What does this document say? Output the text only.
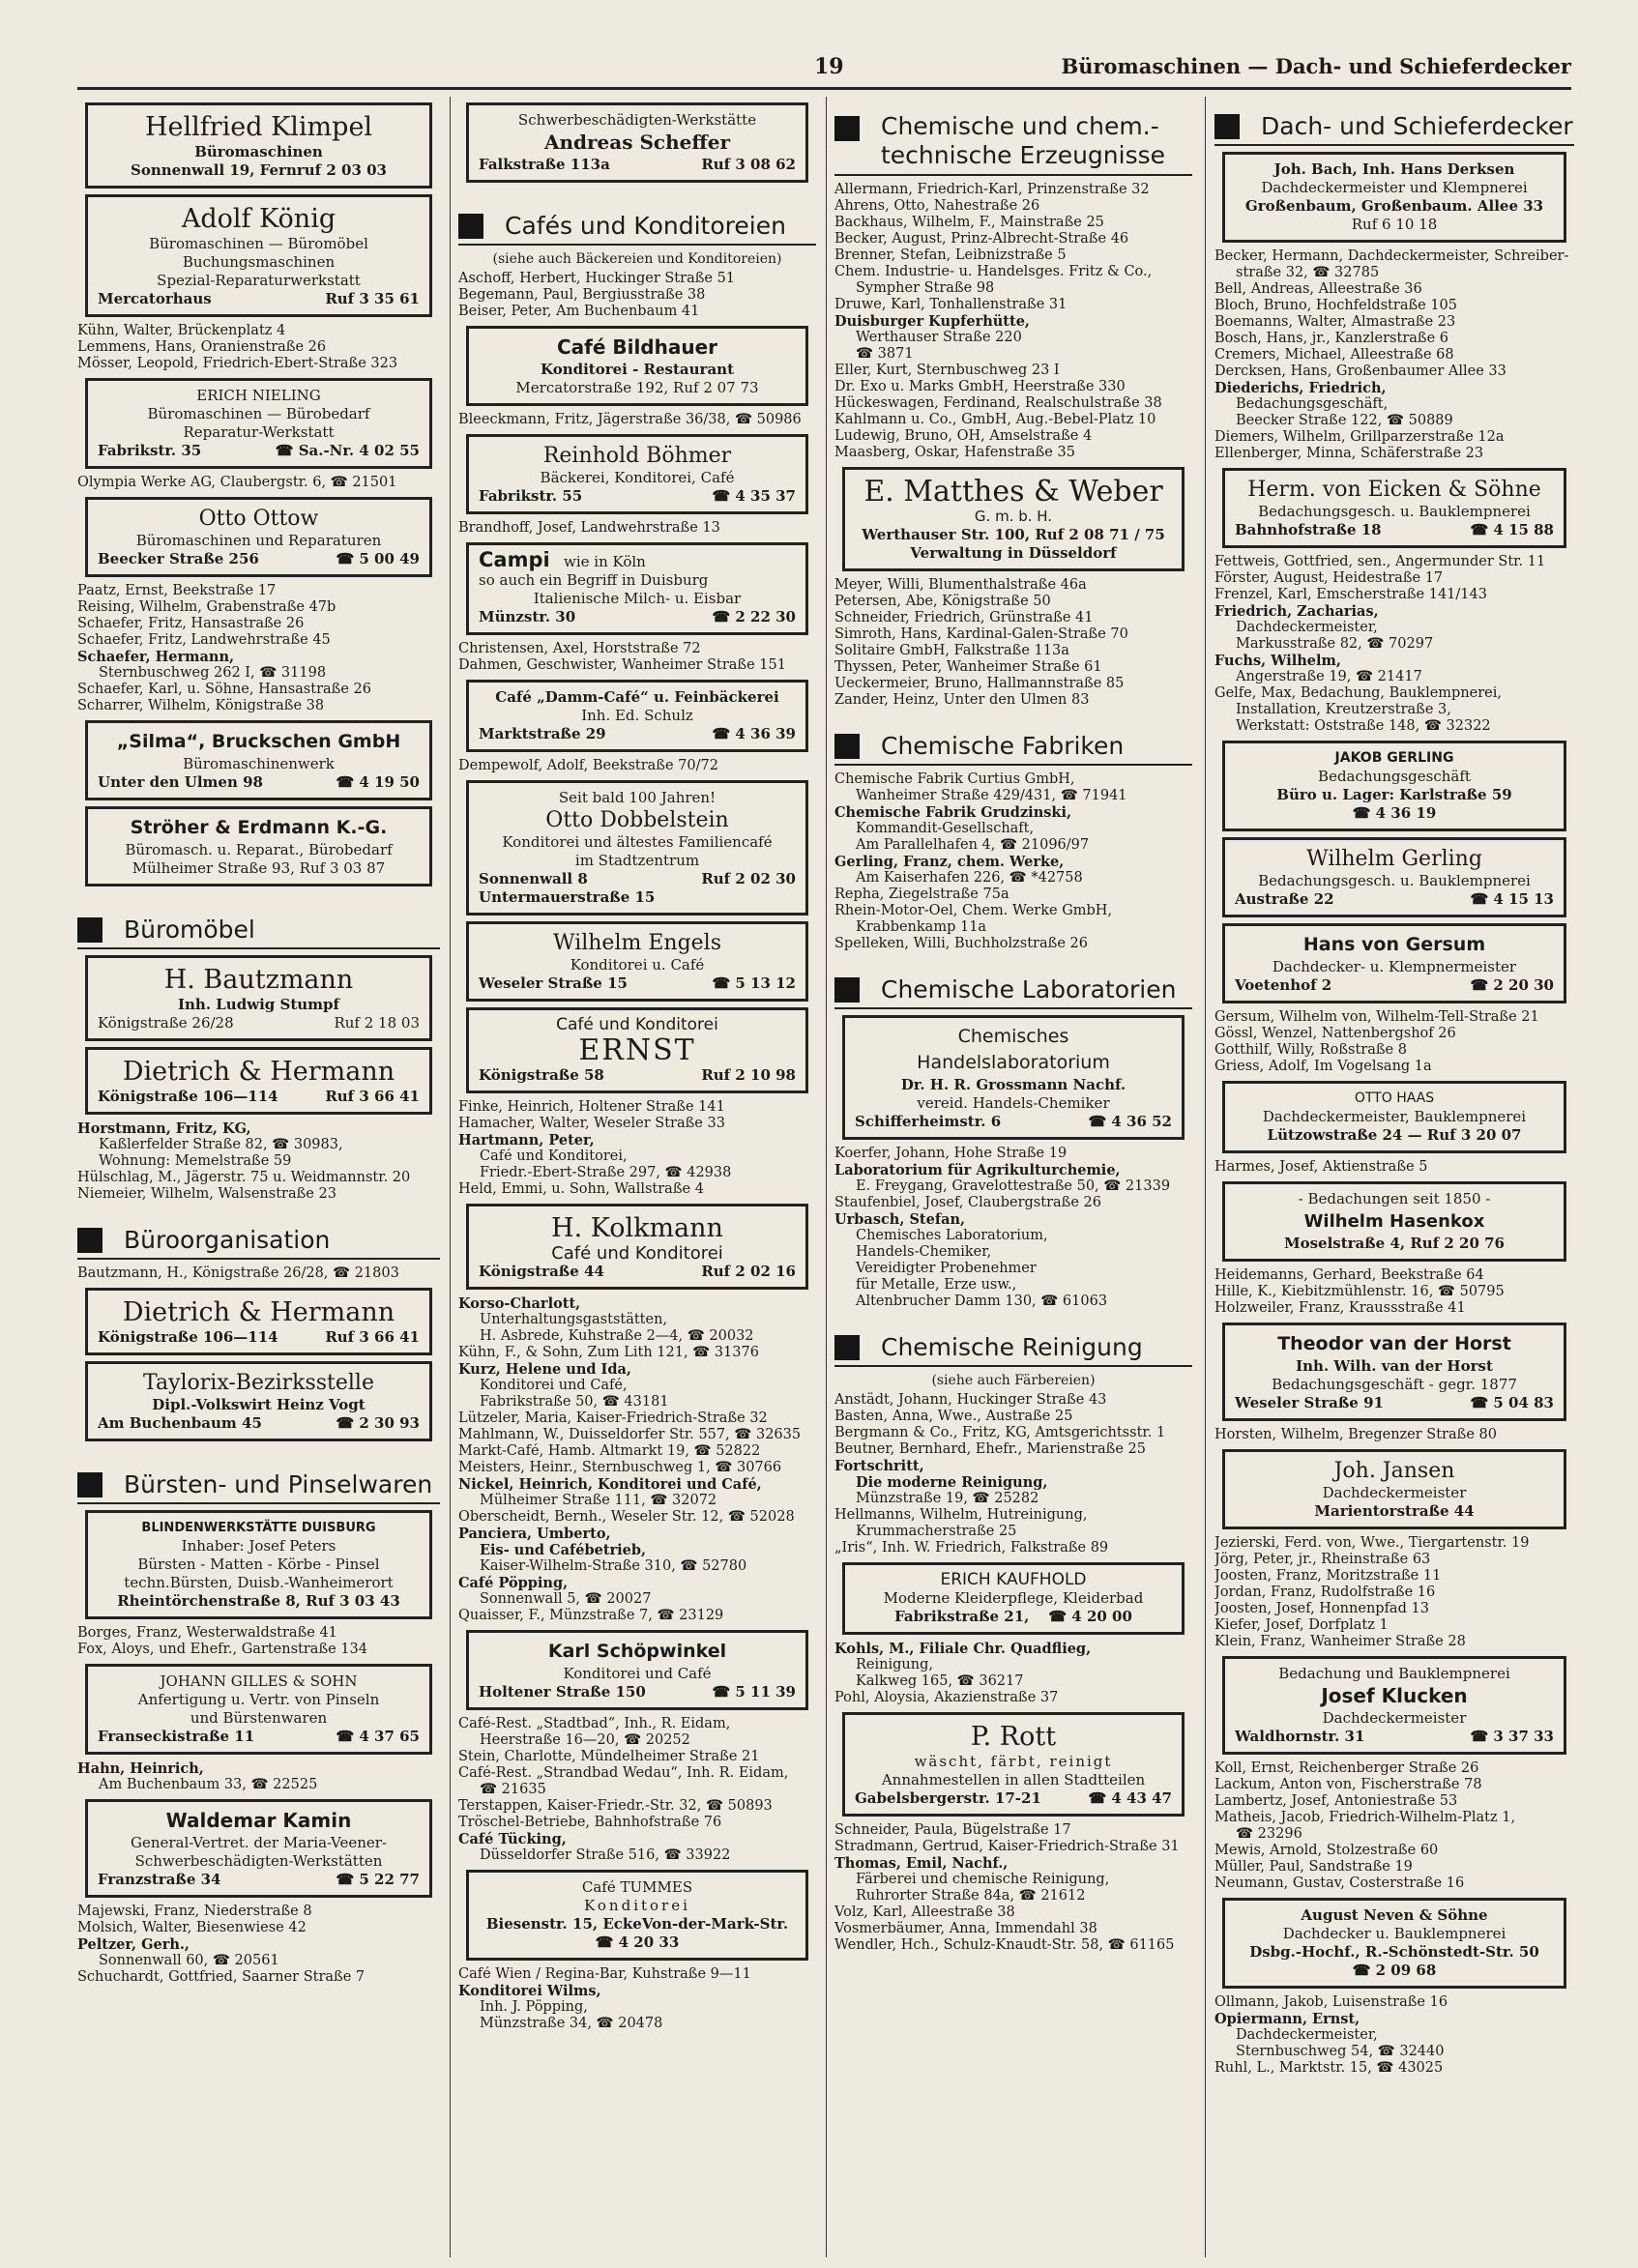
19	Büromaschinen — Dach- und Schieferdecker
Hellfried Klimpel
Büromaschinen
Sonnenwall 19, Fernruf 2 03 03
Adolf König
Büromaschinen — Büromöbel
Buchungsmaschinen
Spezial-Reparaturwerkstatt
Mercatorhaus	Ruf 3 35 61
Kühn, Walter, Brückenplatz 4
Lemmens, Hans, Oranienstraße 26
Mösser, Leopold, Friedrich-Ebert-Straße 323
ERICH NIELING
Büromaschinen — Bürobedarf
Reparatur-Werkstatt
Fabrikstr. 35	☎ Sa.-Nr. 4 02 55
Olympia Werke AG, Claubergstr. 6, ☎ 21501
Otto Ottow
Büromaschinen und Reparaturen
Beecker Straße 256	☎ 5 00 49
Paatz, Ernst, Beekstraße 17
Reising, Wilhelm, Grabenstraße 47b
Schaefer, Fritz, Hansastraße 26
Schaefer, Fritz, Landwehrstraße 45
Schaefer, Hermann,
Sternbuschweg 262 I, ☎ 31198
Schaefer, Karl, u. Söhne, Hansastraße 26
Scharrer, Wilhelm, Königstraße 38
„Silma“, Bruckschen GmbH
Büromaschinenwerk
Unter den Ulmen 98	☎ 4 19 50
Ströher & Erdmann K.-G.
Büromasch. u. Reparat., Bürobedarf
Mülheimer Straße 93, Ruf 3 03 87
Büromöbel
H. Bautzmann
Inh. Ludwig Stumpf
Königstraße 26/28	Ruf 2 18 03
Dietrich & Hermann
Königstraße 106—114	Ruf 3 66 41
Horstmann, Fritz, KG,
Kaßlerfelder Straße 82, ☎ 30983,
Wohnung: Memelstraße 59
Hülschlag, M., Jägerstr. 75 u. Weidmannstr. 20
Niemeier, Wilhelm, Walsenstraße 23
Büroorganisation
Bautzmann, H., Königstraße 26/28, ☎ 21803
Dietrich & Hermann
Königstraße 106—114	Ruf 3 66 41
Taylorix-Bezirksstelle
Dipl.-Volkswirt Heinz Vogt
Am Buchenbaum 45	☎ 2 30 93
Bürsten- und Pinselwaren
BLINDENWERKSTÄTTE DUISBURG
Inhaber: Josef Peters
Bürsten - Matten - Körbe - Pinsel
techn.Bürsten, Duisb.-Wanheimerort
Rheintörchenstraße 8, Ruf 3 03 43
Borges, Franz, Westerwaldstraße 41
Fox, Aloys, und Ehefr., Gartenstraße 134
JOHANN GILLES & SOHN
Anfertigung u. Vertr. von Pinseln
und Bürstenwaren
Franseckistraße 11	☎ 4 37 65
Hahn, Heinrich,
Am Buchenbaum 33, ☎ 22525
Waldemar Kamin
General-Vertret. der Maria-Veener-
Schwerbeschädigten-Werkstätten
Franzstraße 34	☎ 5 22 77
Majewski, Franz, Niederstraße 8
Molsich, Walter, Biesenwiese 42
Peltzer, Gerh.,
Sonnenwall 60, ☎ 20561
Schuchardt, Gottfried, Saarner Straße 7
Schwerbeschädigten-Werkstätte
Andreas Scheffer
Falkstraße 113a	Ruf 3 08 62
Cafés und Konditoreien
(siehe auch Bäckereien und Konditoreien)
Aschoff, Herbert, Huckinger Straße 51
Begemann, Paul, Bergiusstraße 38
Beiser, Peter, Am Buchenbaum 41
Café Bildhauer
Konditorei - Restaurant
Mercatorstraße 192, Ruf 2 07 73
Bleeckmann, Fritz, Jägerstraße 36/38, ☎ 50986
Reinhold Böhmer
Bäckerei, Konditorei, Café
Fabrikstr. 55	☎ 4 35 37
Brandhoff, Josef, Landwehrstraße 13
Campi wie in Köln
so auch ein Begriff in Duisburg
Italienische Milch- u. Eisbar
Münzstr. 30	☎ 2 22 30
Christensen, Axel, Horststraße 72
Dahmen, Geschwister, Wanheimer Straße 151
Café „Damm-Café“ u. Feinbäckerei
Inh. Ed. Schulz
Marktstraße 29	☎ 4 36 39
Dempewolf, Adolf, Beekstraße 70/72
Seit bald 100 Jahren!
Otto Dobbelstein
Konditorei und ältestes Familiencafé
im Stadtzentrum
Sonnenwall 8	Ruf 2 02 30
Untermauerstraße 15
Wilhelm Engels
Konditorei u. Café
Weseler Straße 15	☎ 5 13 12
Café und Konditorei
ERNST
Königstraße 58	Ruf 2 10 98
Finke, Heinrich, Holtener Straße 141
Hamacher, Walter, Weseler Straße 33
Hartmann, Peter,
Café und Konditorei,
Friedr.-Ebert-Straße 297, ☎ 42938
Held, Emmi, u. Sohn, Wallstraße 4
H. Kolkmann
Café und Konditorei
Königstraße 44	Ruf 2 02 16
Korso-Charlott,
Unterhaltungsgaststätten,
H. Asbrede, Kuhstraße 2—4, ☎ 20032
Kühn, F., & Sohn, Zum Lith 121, ☎ 31376
Kurz, Helene und Ida,
Konditorei und Café,
Fabrikstraße 50, ☎ 43181
Lützeler, Maria, Kaiser-Friedrich-Straße 32
Mahlmann, W., Duisseldorfer Str. 557, ☎ 32635
Markt-Café, Hamb. Altmarkt 19, ☎ 52822
Meisters, Heinr., Sternbuschweg 1, ☎ 30766
Nickel, Heinrich, Konditorei und Café,
Mülheimer Straße 111, ☎ 32072
Oberscheidt, Bernh., Weseler Str. 12, ☎ 52028
Panciera, Umberto,
Eis- und Cafébetrieb,
Kaiser-Wilhelm-Straße 310, ☎ 52780
Café Pöpping,
Sonnenwall 5, ☎ 20027
Quaisser, F., Münzstraße 7, ☎ 23129
Karl Schöpwinkel
Konditorei und Café
Holtener Straße 150	☎ 5 11 39
Café-Rest. „Stadtbad“, Inh., R. Eidam,
Heerstraße 16—20, ☎ 20252
Stein, Charlotte, Mündelheimer Straße 21
Café-Rest. „Strandbad Wedau“, Inh. R. Eidam,
☎ 21635
Terstappen, Kaiser-Friedr.-Str. 32, ☎ 50893
Tröschel-Betriebe, Bahnhofstraße 76
Café Tücking,
Düsseldorfer Straße 516, ☎ 33922
Café TUMMES
Konditorei
Biesenstr. 15, EckeVon-der-Mark-Str.
☎ 4 20 33
Café Wien / Regina-Bar, Kuhstraße 9—11
Konditorei Wilms,
Inh. J. Pöpping,
Münzstraße 34, ☎ 20478
Chemische und chem.-
technische Erzeugnisse
Allermann, Friedrich-Karl, Prinzenstraße 32
Ahrens, Otto, Nahestraße 26
Backhaus, Wilhelm, F., Mainstraße 25
Becker, August, Prinz-Albrecht-Straße 46
Brenner, Stefan, Leibnizstraße 5
Chem. Industrie- u. Handelsges. Fritz & Co.,
Sympher Straße 98
Druwe, Karl, Tonhallenstraße 31
Duisburger Kupferhütte,
Werthauser Straße 220
☎ 3871
Eller, Kurt, Sternbuschweg 23 I
Dr. Exo u. Marks GmbH, Heerstraße 330
Hückeswagen, Ferdinand, Realschulstraße 38
Kahlmann u. Co., GmbH, Aug.-Bebel-Platz 10
Ludewig, Bruno, OH, Amselstraße 4
Maasberg, Oskar, Hafenstraße 35
E. Matthes & Weber
G. m. b. H.
Werthauser Str. 100, Ruf 2 08 71 / 75
Verwaltung in Düsseldorf
Meyer, Willi, Blumenthalstraße 46a
Petersen, Abe, Königstraße 50
Schneider, Friedrich, Grünstraße 41
Simroth, Hans, Kardinal-Galen-Straße 70
Solitaire GmbH, Falkstraße 113a
Thyssen, Peter, Wanheimer Straße 61
Ueckermeier, Bruno, Hallmannstraße 85
Zander, Heinz, Unter den Ulmen 83
Chemische Fabriken
Chemische Fabrik Curtius GmbH,
Wanheimer Straße 429/431, ☎ 71941
Chemische Fabrik Grudzinski,
Kommandit-Gesellschaft,
Am Parallelhafen 4, ☎ 21096/97
Gerling, Franz, chem. Werke,
Am Kaiserhafen 226, ☎ *42758
Repha, Ziegelstraße 75a
Rhein-Motor-Oel, Chem. Werke GmbH,
Krabbenkamp 11a
Spelleken, Willi, Buchholzstraße 26
Chemische Laboratorien
Chemisches
Handelslaboratorium
Dr. H. R. Grossmann Nachf.
vereid. Handels-Chemiker
Schifferheimstr. 6	☎ 4 36 52
Koerfer, Johann, Hohe Straße 19
Laboratorium für Agrikulturchemie,
E. Freygang, Gravelottestraße 50, ☎ 21339
Staufenbiel, Josef, Claubergstraße 26
Urbasch, Stefan,
Chemisches Laboratorium,
Handels-Chemiker,
Vereidigter Probenehmer
für Metalle, Erze usw.,
Altenbrucher Damm 130, ☎ 61063
Chemische Reinigung
(siehe auch Färbereien)
Anstädt, Johann, Huckinger Straße 43
Basten, Anna, Wwe., Austraße 25
Bergmann & Co., Fritz, KG, Amtsgerichtsstr. 1
Beutner, Bernhard, Ehefr., Marienstraße 25
Fortschritt,
Die moderne Reinigung,
Münzstraße 19, ☎ 25282
Hellmanns, Wilhelm, Hutreinigung,
Krummacherstraße 25
„Iris“, Inh. W. Friedrich, Falkstraße 89
ERICH KAUFHOLD
Moderne Kleiderpflege, Kleiderbad
Fabrikstraße 21, ☎ 4 20 00
Kohls, M., Filiale Chr. Quadflieg,
Reinigung,
Kalkweg 165, ☎ 36217
Pohl, Aloysia, Akazienstraße 37
P. Rott
wäscht, färbt, reinigt
Annahmestellen in allen Stadtteilen
Gabelsbergerstr. 17-21	☎ 4 43 47
Schneider, Paula, Bügelstraße 17
Stradmann, Gertrud, Kaiser-Friedrich-Straße 31
Thomas, Emil, Nachf.,
Färberei und chemische Reinigung,
Ruhrorter Straße 84a, ☎ 21612
Volz, Karl, Alleestraße 38
Vosmerbäumer, Anna, Immendahl 38
Wendler, Hch., Schulz-Knaudt-Str. 58, ☎ 61165
Dach- und Schieferdecker
Joh. Bach, Inh. Hans Derksen
Dachdeckermeister und Klempnerei
Großenbaum, Großenbaum. Allee 33
Ruf 6 10 18
Becker, Hermann, Dachdeckermeister, Schreiber-
straße 32, ☎ 32785
Bell, Andreas, Alleestraße 36
Bloch, Bruno, Hochfeldstraße 105
Boemanns, Walter, Almastraße 23
Bosch, Hans, jr., Kanzlerstraße 6
Cremers, Michael, Alleestraße 68
Dercksen, Hans, Großenbaumer Allee 33
Diederichs, Friedrich,
Bedachungsgeschäft,
Beecker Straße 122, ☎ 50889
Diemers, Wilhelm, Grillparzerstraße 12a
Ellenberger, Minna, Schäferstraße 23
Herm. von Eicken & Söhne
Bedachungsgesch. u. Bauklempnerei
Bahnhofstraße 18	☎ 4 15 88
Fettweis, Gottfried, sen., Angermunder Str. 11
Förster, August, Heidestraße 17
Frenzel, Karl, Emscherstraße 141/143
Friedrich, Zacharias,
Dachdeckermeister,
Markusstraße 82, ☎ 70297
Fuchs, Wilhelm,
Angerstraße 19, ☎ 21417
Gelfe, Max, Bedachung, Bauklempnerei,
Installation, Kreutzerstraße 3,
Werkstatt: Oststraße 148, ☎ 32322
JAKOB GERLING
Bedachungsgeschäft
Büro u. Lager: Karlstraße 59
☎ 4 36 19
Wilhelm Gerling
Bedachungsgesch. u. Bauklempnerei
Austraße 22	☎ 4 15 13
Hans von Gersum
Dachdecker- u. Klempnermeister
Voetenhof 2	☎ 2 20 30
Gersum, Wilhelm von, Wilhelm-Tell-Straße 21
Gössl, Wenzel, Nattenbergshof 26
Gotthilf, Willy, Roßstraße 8
Griess, Adolf, Im Vogelsang 1a
OTTO HAAS
Dachdeckermeister, Bauklempnerei
Lützowstraße 24 — Ruf 3 20 07
Harmes, Josef, Aktienstraße 5
- Bedachungen seit 1850 -
Wilhelm Hasenkox
Moselstraße 4, Ruf 2 20 76
Heidemanns, Gerhard, Beekstraße 64
Hille, K., Kiebitzmühlenstr. 16, ☎ 50795
Holzweiler, Franz, Kraussstraße 41
Theodor van der Horst
Inh. Wilh. van der Horst
Bedachungsgeschäft - gegr. 1877
Weseler Straße 91	☎ 5 04 83
Horsten, Wilhelm, Bregenzer Straße 80
Joh. Jansen
Dachdeckermeister
Marientorstraße 44
Jezierski, Ferd. von, Wwe., Tiergartenstr. 19
Jörg, Peter, jr., Rheinstraße 63
Joosten, Franz, Moritzstraße 11
Jordan, Franz, Rudolfstraße 16
Joosten, Josef, Honnenpfad 13
Kiefer, Josef, Dorfplatz 1
Klein, Franz, Wanheimer Straße 28
Bedachung und Bauklempnerei
Josef Klucken
Dachdeckermeister
Waldhornstr. 31	☎ 3 37 33
Koll, Ernst, Reichenberger Straße 26
Lackum, Anton von, Fischerstraße 78
Lambertz, Josef, Antoniestraße 53
Matheis, Jacob, Friedrich-Wilhelm-Platz 1,
☎ 23296
Mewis, Arnold, Stolzestraße 60
Müller, Paul, Sandstraße 19
Neumann, Gustav, Costerstraße 16
August Neven & Söhne
Dachdecker u. Bauklempnerei
Dsbg.-Hochf., R.-Schönstedt-Str. 50
☎ 2 09 68
Ollmann, Jakob, Luisenstraße 16
Opiermann, Ernst,
Dachdeckermeister,
Sternbuschweg 54, ☎ 32440
Ruhl, L., Marktstr. 15, ☎ 43025
